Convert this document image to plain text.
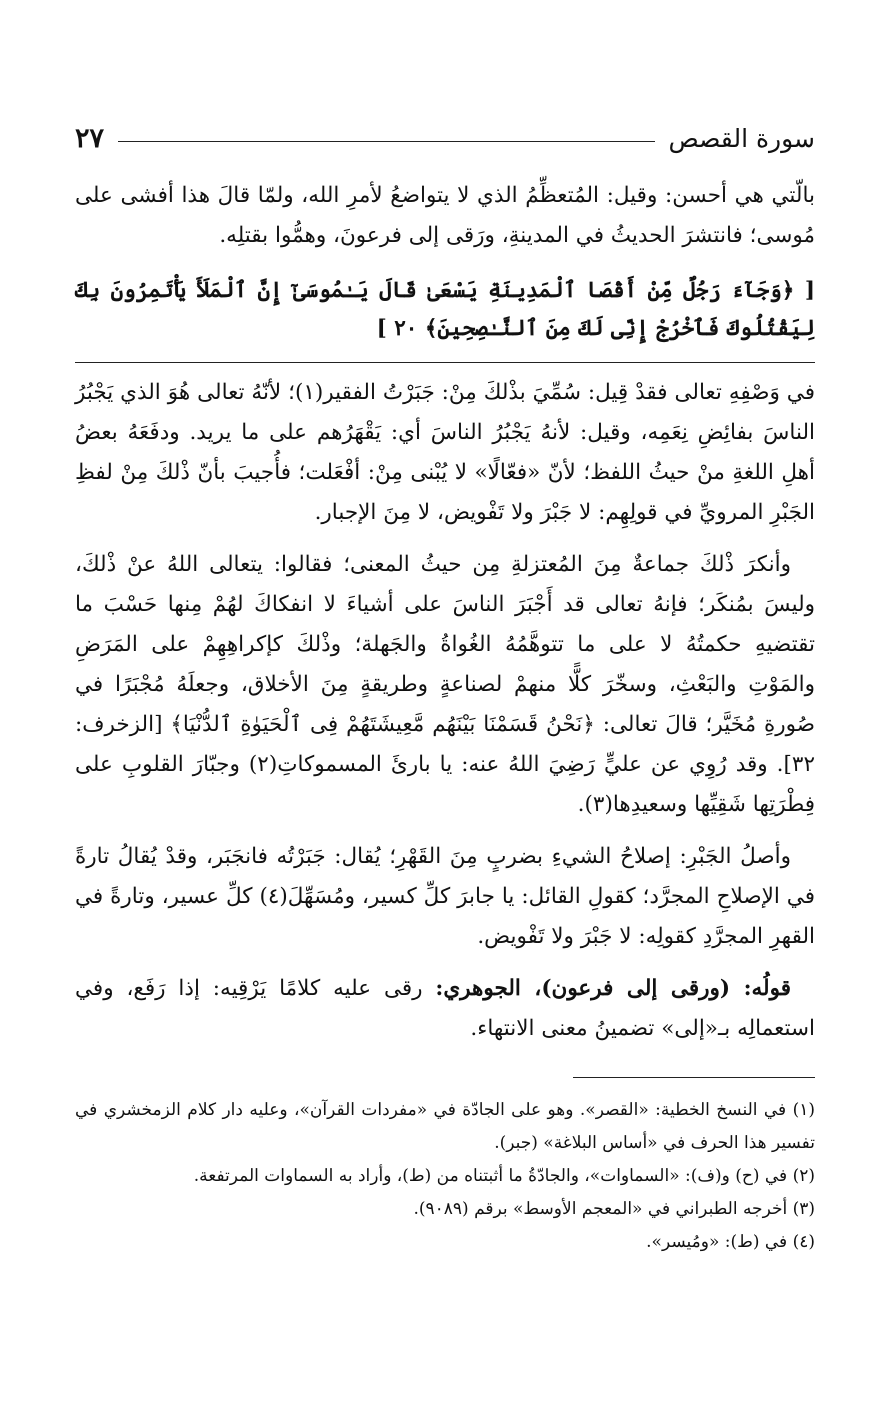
سورة القصص
٢٧

بالّتي هي أحسن: وقيل: المُتعظِّمُ الذي لا يتواضعُ لأمرِ الله، ولمّا قالَ هذا أفشى على مُوسى؛ فانتشرَ الحديثُ في المدينةِ، ورَقى إلى فرعونَ، وهمُّوا بقتلِه.

[ ﴿وَجَآءَ رَجُلٌ مِّنْ أَقْصَا ٱلْمَدِينَةِ يَسْعَىٰ قَالَ يَـٰمُوسَىٰٓ إِنَّ ٱلْمَلَأَ يَأْتَمِرُونَ بِكَ لِيَقْتُلُوكَ فَٱخْرُجْ إِنِّى لَكَ مِنَ ٱلنَّـٰصِحِينَ﴾ ٢٠ ]

في وَصْفِهِ تعالى فقدْ قِيل: سُمِّيَ بذْلكَ مِنْ: جَبَرْتُ الفقير(١)؛ لأنّهُ تعالى هُوَ الذي يَجْبُرُ الناسَ بفائِضِ نِعَمِه، وقيل: لأنهُ يَجْبُرُ الناسَ أي: يَقْهَرُهم على ما يريد. ودفَعَهُ بعضُ أهلِ اللغةِ منْ حيثُ اللفظ؛ لأنّ «فعّالًا» لا يُبْنى مِنْ: أفْعَلت؛ فأُجيبَ بأنّ ذْلكَ مِنْ لفظِ الجَبْرِ المرويِّ في قولِهِم: لا جَبْرَ ولا تَفْويض، لا مِنَ الإجبار.

وأنكرَ ذْلكَ جماعةٌ مِنَ المُعتزلةِ مِن حيثُ المعنى؛ فقالوا: يتعالى اللهُ عنْ ذْلكَ، وليسَ بمُنكَر؛ فإنهُ تعالى قد أَجْبَرَ الناسَ على أشياءَ لا انفكاكَ لهُمْ مِنها حَسْبَ ما تقتضيهِ حكمتُهُ لا على ما تتوهَّمُهُ الغُواةُ والجَهلة؛ وذْلكَ كإكراهِهِمْ على المَرَضِ والمَوْتِ والبَعْثِ، وسخّرَ كلًّا منهمْ لصناعةٍ وطريقةٍ مِنَ الأخلاق، وجعلَهُ مُجْبَرًا في صُورةِ مُخَيَّر؛ قالَ تعالى: ﴿نَحْنُ قَسَمْنَا بَيْنَهُم مَّعِيشَتَهُمْ فِى ٱلْحَيَوٰةِ ٱلدُّنْيَا﴾ [الزخرف: ٣٢]. وقد رُوِي عن عليٍّ رَضِيَ اللهُ عنه: يا بارئَ المسموكاتِ(٢) وجبّارَ القلوبِ على فِطْرَتِها شَقِيِّها وسعيدِها(٣).

وأصلُ الجَبْرِ: إصلاحُ الشيءِ بضربٍ مِنَ القَهْرِ؛ يُقال: جَبَرْتُه فانجَبَر، وقدْ يُقالُ تارةً في الإصلاحِ المجرَّد؛ كقولِ القائل: يا جابرَ كلِّ كسير، ومُسَهِّلَ(٤) كلِّ عسير، وتارةً في القهرِ المجرَّدِ كقولِه: لا جَبْرَ ولا تَفْويض.

قولُه: (ورقى إلى فرعون)، الجوهري: رقى عليه كلامًا يَرْقِيه: إذا رَفَع، وفي استعمالِه بـ«إلى» تضمينُ معنى الانتهاء.

(١) في النسخ الخطية: «القصر». وهو على الجادّة في «مفردات القرآن»، وعليه دار كلام الزمخشري في تفسير هذا الحرف في «أساس البلاغة» (جبر).

(٢) في (ح) و(ف): «السماوات»، والجادّةُ ما أثبتناه من (ط)، وأراد به السماوات المرتفعة.

(٣) أخرجه الطبراني في «المعجم الأوسط» برقم (٩٠٨٩).

(٤) في (ط): «ومُيسر».
